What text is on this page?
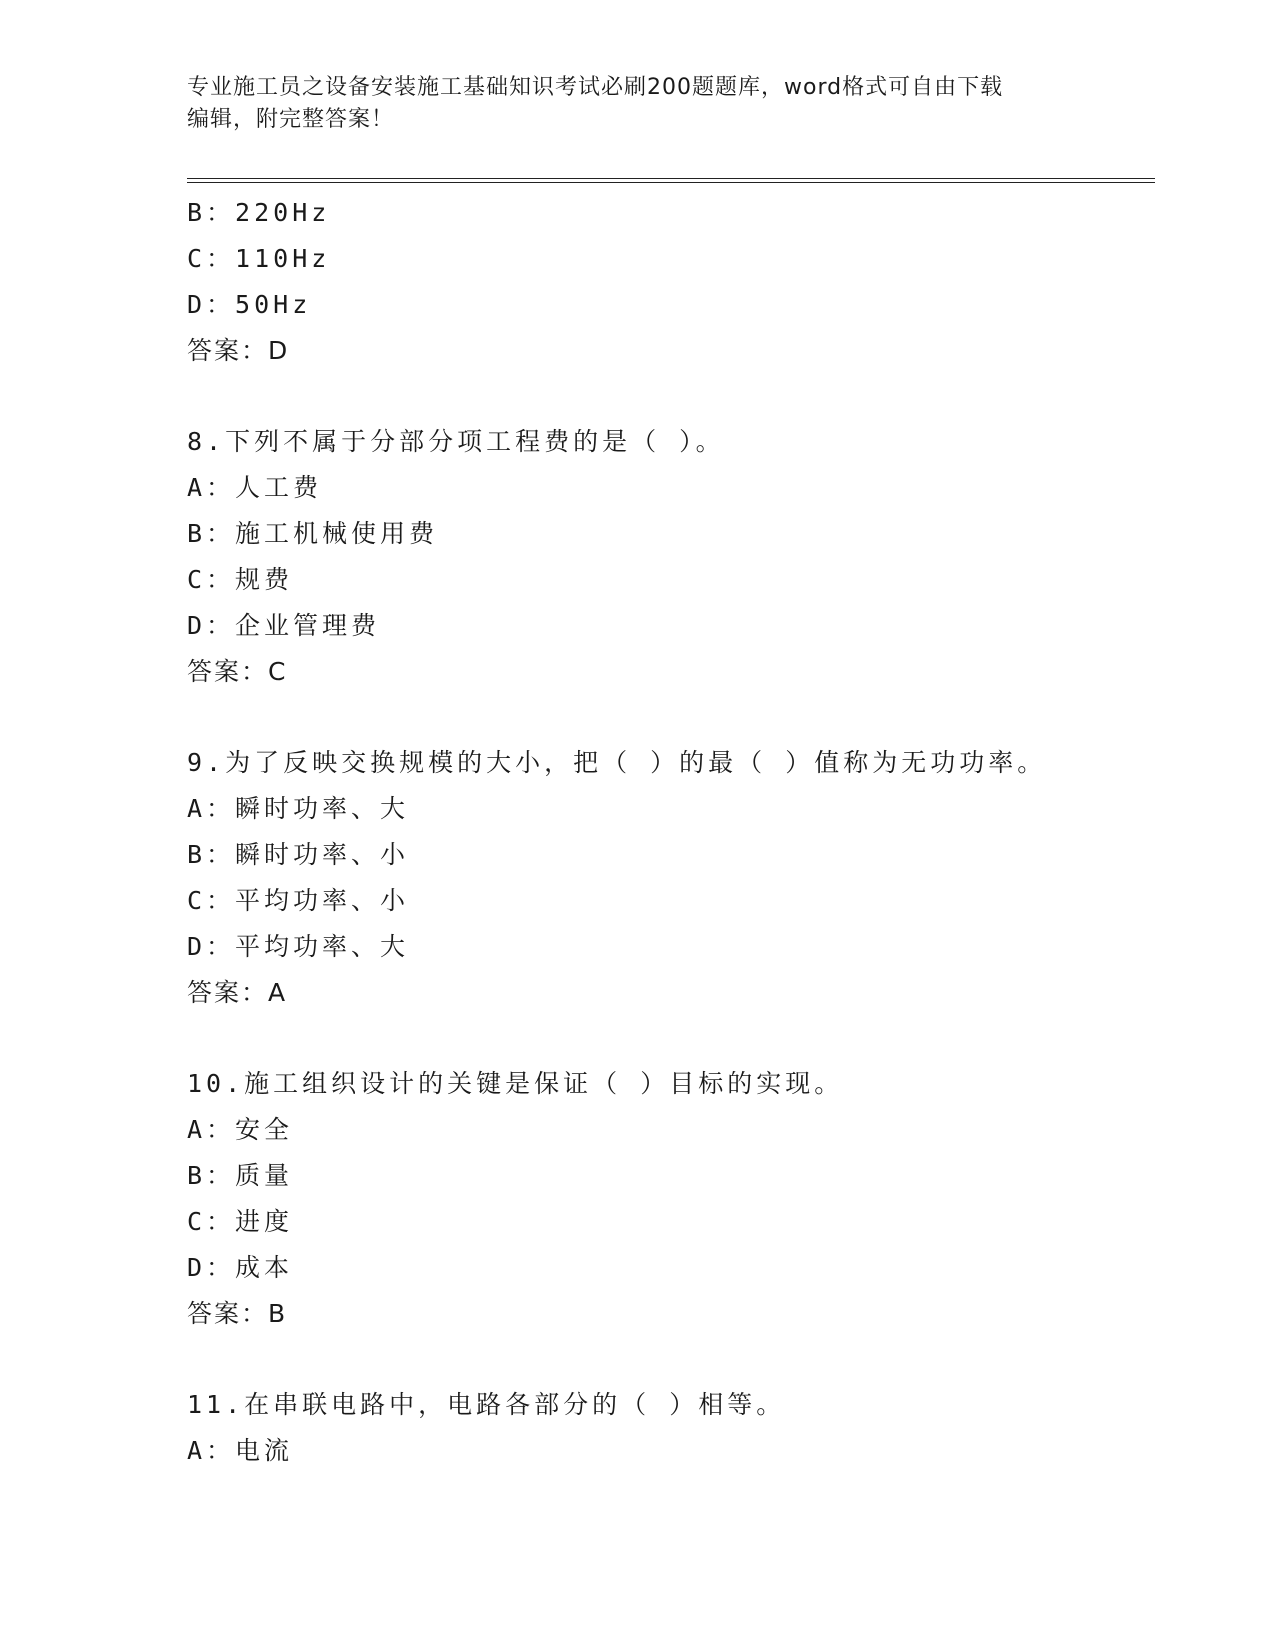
专业施工员之设备安装施工基础知识考试必刷200题题库，word格式可自由下载
编辑，附完整答案！
B：220Hz
C：110Hz
D：50Hz
答案：D
8.下列不属于分部分项工程费的是（ ）。
A：人工费
B：施工机械使用费
C：规费
D：企业管理费
答案：C
9.为了反映交换规模的大小，把（ ）的最（ ）值称为无功功率。
A：瞬时功率、大
B：瞬时功率、小
C：平均功率、小
D：平均功率、大
答案：A
10.施工组织设计的关键是保证（ ）目标的实现。
A：安全
B：质量
C：进度
D：成本
答案：B
11.在串联电路中，电路各部分的（ ）相等。
A：电流
